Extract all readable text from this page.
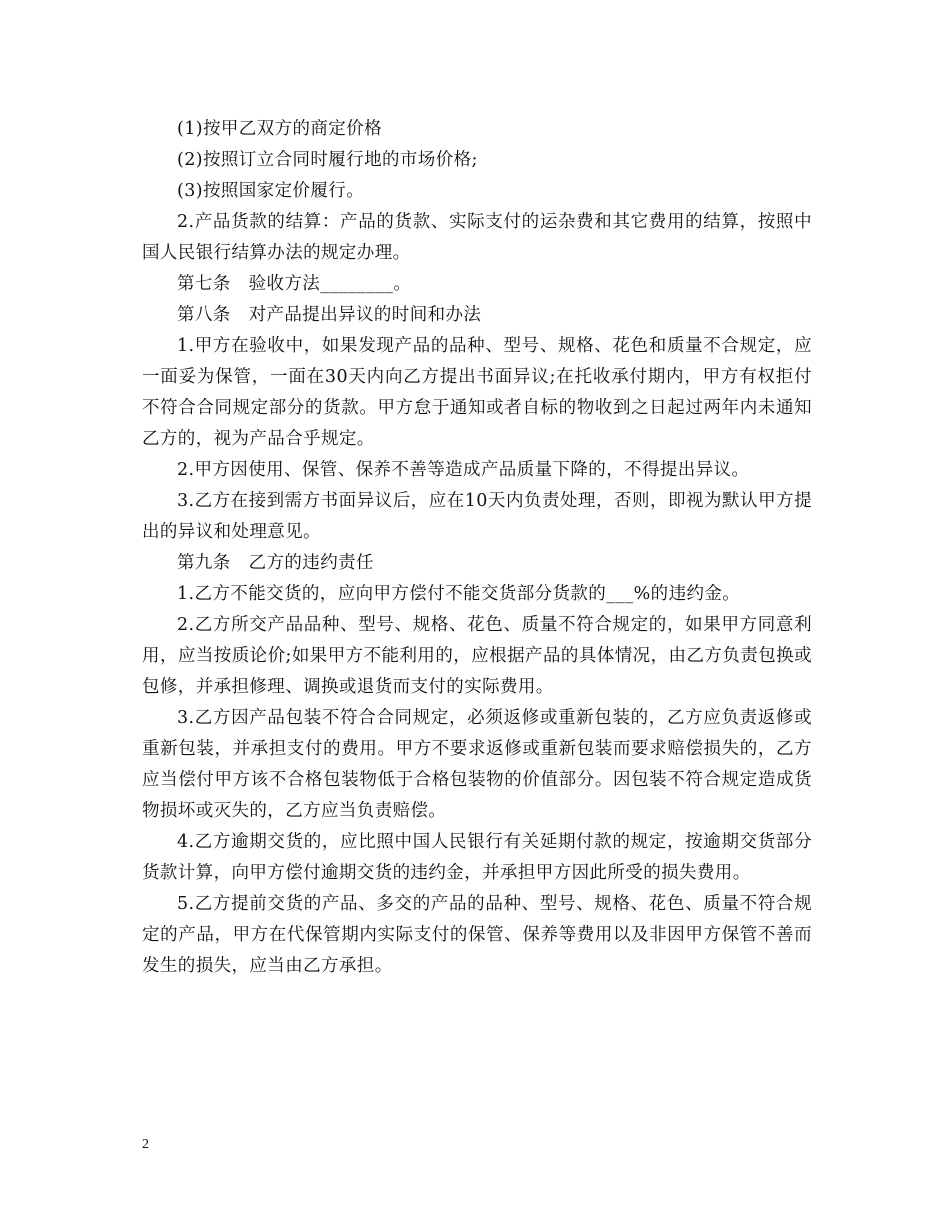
(1)按甲乙双方的商定价格

(2)按照订立合同时履行地的市场价格;

(3)按照国家定价履行。

2.产品货款的结算：产品的货款、实际支付的运杂费和其它费用的结算，按照中国人民银行结算办法的规定办理。

第七条　验收方法________。

第八条　对产品提出异议的时间和办法

1.甲方在验收中，如果发现产品的品种、型号、规格、花色和质量不合规定，应一面妥为保管，一面在30天内向乙方提出书面异议;在托收承付期内，甲方有权拒付不符合合同规定部分的货款。甲方怠于通知或者自标的物收到之日起过两年内未通知乙方的，视为产品合乎规定。

2.甲方因使用、保管、保养不善等造成产品质量下降的，不得提出异议。

3.乙方在接到需方书面异议后，应在10天内负责处理，否则，即视为默认甲方提出的异议和处理意见。

第九条　乙方的违约责任

1.乙方不能交货的，应向甲方偿付不能交货部分货款的___%的违约金。

2.乙方所交产品品种、型号、规格、花色、质量不符合规定的，如果甲方同意利用，应当按质论价;如果甲方不能利用的，应根据产品的具体情况，由乙方负责包换或包修，并承担修理、调换或退货而支付的实际费用。

3.乙方因产品包装不符合合同规定，必须返修或重新包装的，乙方应负责返修或重新包装，并承担支付的费用。甲方不要求返修或重新包装而要求赔偿损失的，乙方应当偿付甲方该不合格包装物低于合格包装物的价值部分。因包装不符合规定造成货物损坏或灭失的，乙方应当负责赔偿。

4.乙方逾期交货的，应比照中国人民银行有关延期付款的规定，按逾期交货部分货款计算，向甲方偿付逾期交货的违约金，并承担甲方因此所受的损失费用。

5.乙方提前交货的产品、多交的产品的品种、型号、规格、花色、质量不符合规定的产品，甲方在代保管期内实际支付的保管、保养等费用以及非因甲方保管不善而发生的损失，应当由乙方承担。

2
